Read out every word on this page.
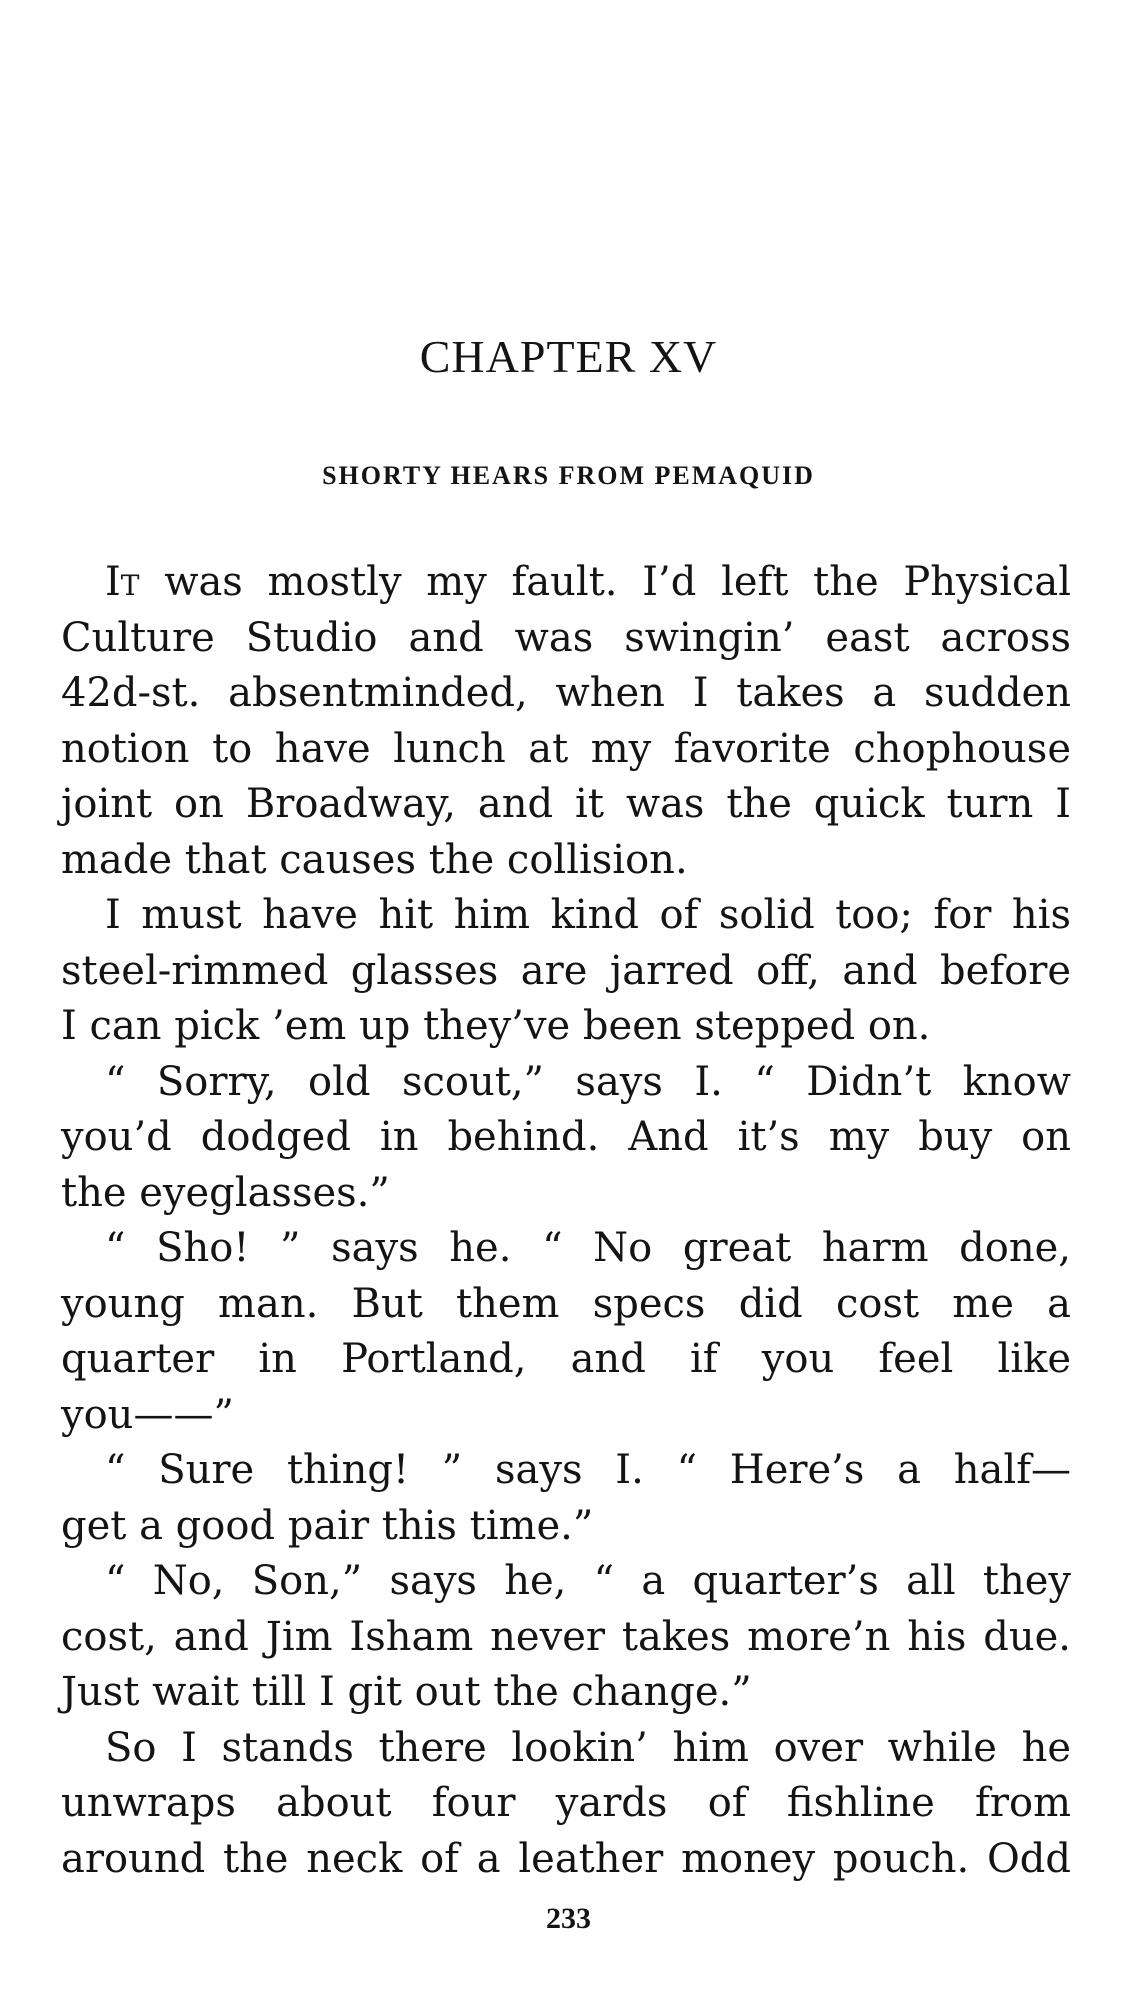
CHAPTER XV
SHORTY HEARS FROM PEMAQUID
It was mostly my fault. I’d left the Physical
Culture Studio and was swingin’ east across
42d-st. absentminded, when I takes a sudden
notion to have lunch at my favorite chophouse
joint on Broadway, and it was the quick turn I
made that causes the collision.
I must have hit him kind of solid too; for his
steel-rimmed glasses are jarred off, and before
I can pick ’em up they’ve been stepped on.
“ Sorry, old scout,” says I. “ Didn’t know
you’d dodged in behind. And it’s my buy on
the eyeglasses.”
“ Sho! ” says he. “ No great harm done,
young man. But them specs did cost me a
quarter in Portland, and if you feel like
you——”
“ Sure thing! ” says I. “ Here’s a half—
get a good pair this time.”
“ No, Son,” says he, “ a quarter’s all they
cost, and Jim Isham never takes more’n his due.
Just wait till I git out the change.”
So I stands there lookin’ him over while he
unwraps about four yards of fishline from
around the neck of a leather money pouch. Odd
233
